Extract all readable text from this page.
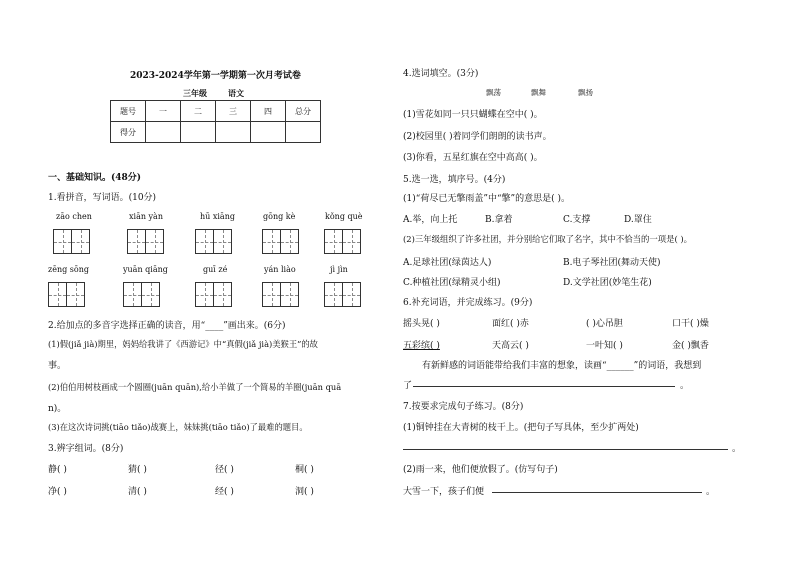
2023-2024学年第一学期第一次月考试卷
三年级	语文
题号	一	二	三	四	总分
得分					
一、基础知识。(48分)
1.看拼音，写词语。(10分)
zāo chen	xiān yàn	hū xiāng	gōng kè	kǒng què
zēng sōng	yuān qiāng	guī zé	yán liào	jì jìn
2.给加点的多音字选择正确的读音，用“____”画出来。(6分)
(1)假(jiǎ jià)期里，妈妈给我讲了《西游记》中“真假(jiǎ jià)美猴王”的故
事。
(2)伯伯用树枝画成一个圆圈(juān quān),给小羊做了一个简易的羊圈(juān quā
n)。
(3)在这次诗词挑(tiāo tiǎo)战赛上，妹妹挑(tiāo tiǎo)了最难的题目。
3.辨字组词。(8分)
静( )	猜( )	径( )	桐( )
净( )	清( )	经( )	洞( )
4.选词填空。(3分)
飘荡	飘舞	飘扬
(1)雪花如同一只只蝴蝶在空中( )。
(2)校园里( )着同学们朗朗的读书声。
(3)你看，五星红旗在空中高高( )。
5.选一选，填序号。(4分)
(1)“荷尽已无擎雨盖”中“擎”的意思是( )。
A.举，向上托	B.拿着	C.支撑	D.罩住
(2)三年级组织了许多社团，并分别给它们取了名字，其中不恰当的一项是( )。
A.足球社团(绿茵达人)	B.电子琴社团(舞动天使)
C.种植社团(绿精灵小组)	D.文学社团(妙笔生花)
6.补充词语，并完成练习。(9分)
摇头晃( )	面红( )赤	( )心吊胆	口干( )燥
五彩缤( )	天高云( )	一叶知( )	金( )飘香
有新鲜感的词语能带给我们丰富的想象，读画“______”的词语，我想到
了	。
7.按要求完成句子练习。(8分)
(1)铜钟挂在大青树的枝干上。(把句子写具体，至少扩两处)
。
(2)雨一来，他们便放假了。(仿写句子)
大雪一下，孩子们便	。
